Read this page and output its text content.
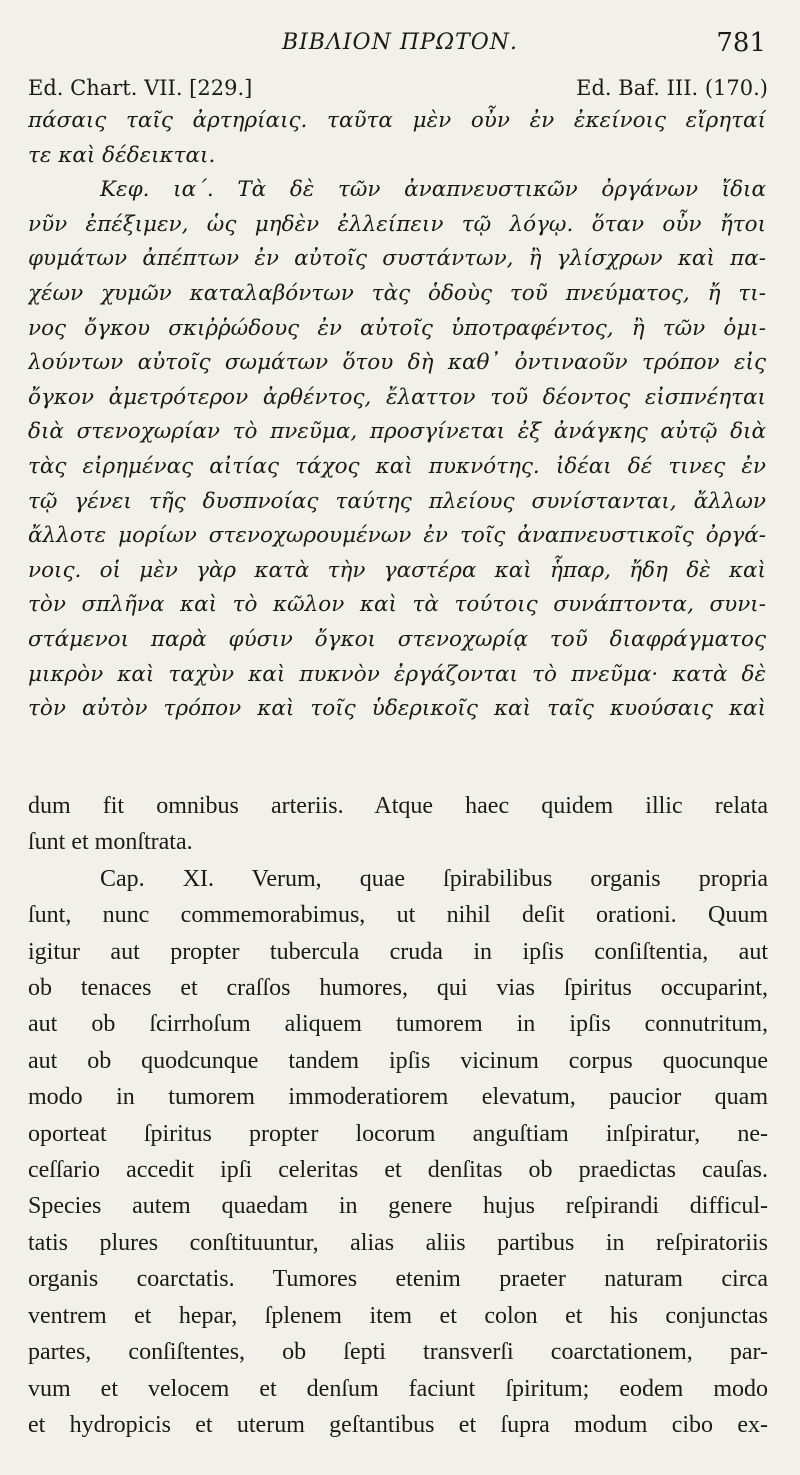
ΒΙΒΛΙΟΝ ΠΡΩΤΟΝ.	781
Ed. Chart. VII. [229.]	Ed. Baf. III. (170.)
πάσαις ταῖς ἀρτηρίαις. ταῦτα μὲν οὖν ἐν ἐκείνοις εἴρηταί
τε καὶ δέδεικται.
Κεφ. ια΄. Τὰ δὲ τῶν ἀναπνευστικῶν ὀργάνων ἴδια
νῦν ἐπέξιμεν, ὡς μηδὲν ἐλλείπειν τῷ λόγῳ. ὅταν οὖν ἤτοι
φυμάτων ἀπέπτων ἐν αὐτοῖς συστάντων, ἢ γλίσχρων καὶ πα-
χέων χυμῶν καταλαβόντων τὰς ὁδοὺς τοῦ πνεύματος, ἤ τι-
νος ὄγκου σκιῤῥώδους ἐν αὐτοῖς ὑποτραφέντος, ἢ τῶν ὁμι-
λούντων αὐτοῖς σωμάτων ὅτου δὴ καθ᾽ ὀντιναοῦν τρόπον εἰς
ὄγκον ἀμετρότερον ἀρθέντος, ἔλαττον τοῦ δέοντος εἰσπνέηται
διὰ στενοχωρίαν τὸ πνεῦμα, προσγίνεται ἐξ ἀνάγκης αὐτῷ διὰ
τὰς εἰρημένας αἰτίας τάχος καὶ πυκνότης. ἰδέαι δέ τινες ἐν
τῷ γένει τῆς δυσπνοίας ταύτης πλείους συνίστανται, ἄλλων
ἄλλοτε μορίων στενοχωρουμένων ἐν τοῖς ἀναπνευστικοῖς ὀργά-
νοις. οἱ μὲν γὰρ κατὰ τὴν γαστέρα καὶ ἧπαρ, ἤδη δὲ καὶ
τὸν σπλῆνα καὶ τὸ κῶλον καὶ τὰ τούτοις συνάπτοντα, συνι-
στάμενοι παρὰ φύσιν ὄγκοι στενοχωρίᾳ τοῦ διαφράγματος
μικρὸν καὶ ταχὺν καὶ πυκνὸν ἐργάζονται τὸ πνεῦμα· κατὰ δὲ
τὸν αὐτὸν τρόπον καὶ τοῖς ὑδερικοῖς καὶ ταῖς κυούσαις καὶ
dum fit omnibus arteriis. Atque haec quidem illic relata
ſunt et monſtrata.
Cap. XI. Verum, quae ſpirabilibus organis propria
ſunt, nunc commemorabimus, ut nihil deſit orationi. Quum
igitur aut propter tubercula cruda in ipſis conſiſtentia, aut
ob tenaces et craſſos humores, qui vias ſpiritus occuparint,
aut ob ſcirrhoſum aliquem tumorem in ipſis connutritum,
aut ob quodcunque tandem ipſis vicinum corpus quocunque
modo in tumorem immoderatiorem elevatum, paucior quam
oporteat ſpiritus propter locorum anguſtiam inſpiratur, ne-
ceſſario accedit ipſi celeritas et denſitas ob praedictas cauſas.
Species autem quaedam in genere hujus reſpirandi difficul-
tatis plures conſtituuntur, alias aliis partibus in reſpiratoriis
organis coarctatis. Tumores etenim praeter naturam circa
ventrem et hepar, ſplenem item et colon et his conjunctas
partes, conſiſtentes, ob ſepti transverſi coarctationem, par-
vum et velocem et denſum faciunt ſpiritum; eodem modo
et hydropicis et uterum geſtantibus et ſupra modum cibo ex-
